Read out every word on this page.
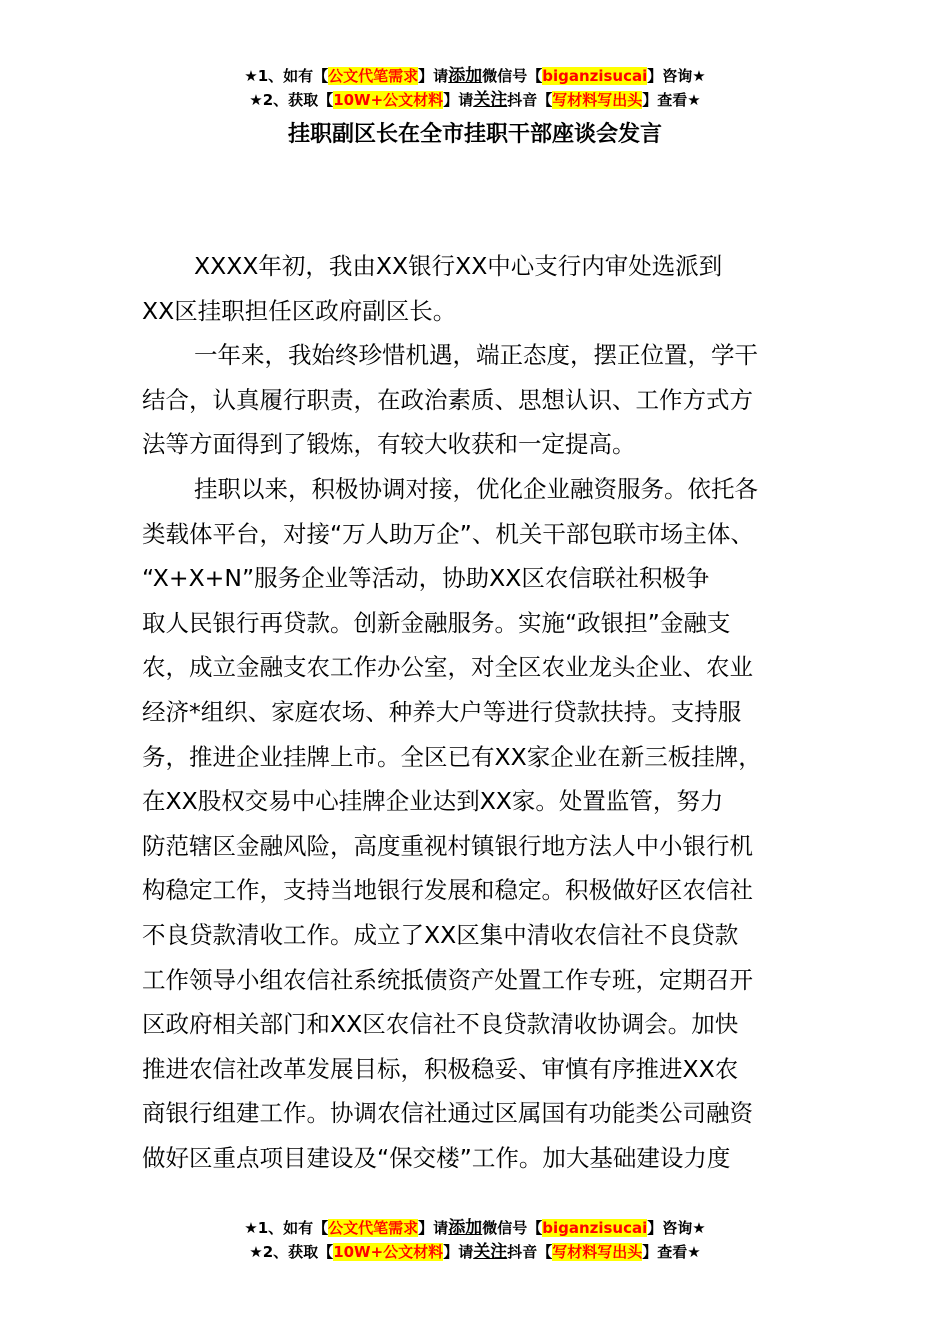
★1、如有【公文代笔需求】请添加微信号【biganzisucai】咨询★
★2、获取【10W+公文材料】请关注抖音【写材料写出头】查看★
挂职副区长在全市挂职干部座谈会发言
XXXX年初，我由XX银行XX中心支行内审处选派到
XX区挂职担任区政府副区长。
一年来，我始终珍惜机遇，端正态度，摆正位置，学干
结合，认真履行职责，在政治素质、思想认识、工作方式方
法等方面得到了锻炼，有较大收获和一定提高。
挂职以来，积极协调对接，优化企业融资服务。依托各
类载体平台，对接“万人助万企”、机关干部包联市场主体、
“X+X+N”服务企业等活动，协助XX区农信联社积极争
取人民银行再贷款。创新金融服务。实施“政银担”金融支
农，成立金融支农工作办公室，对全区农业龙头企业、农业
经济*组织、家庭农场、种养大户等进行贷款扶持。支持服
务，推进企业挂牌上市。全区已有XX家企业在新三板挂牌，
在XX股权交易中心挂牌企业达到XX家。处置监管，努力
防范辖区金融风险，高度重视村镇银行地方法人中小银行机
构稳定工作，支持当地银行发展和稳定。积极做好区农信社
不良贷款清收工作。成立了XX区集中清收农信社不良贷款
工作领导小组农信社系统抵债资产处置工作专班，定期召开
区政府相关部门和XX区农信社不良贷款清收协调会。加快
推进农信社改革发展目标，积极稳妥、审慎有序推进XX农
商银行组建工作。协调农信社通过区属国有功能类公司融资
做好区重点项目建设及“保交楼”工作。加大基础建设力度
★1、如有【公文代笔需求】请添加微信号【biganzisucai】咨询★
★2、获取【10W+公文材料】请关注抖音【写材料写出头】查看★
